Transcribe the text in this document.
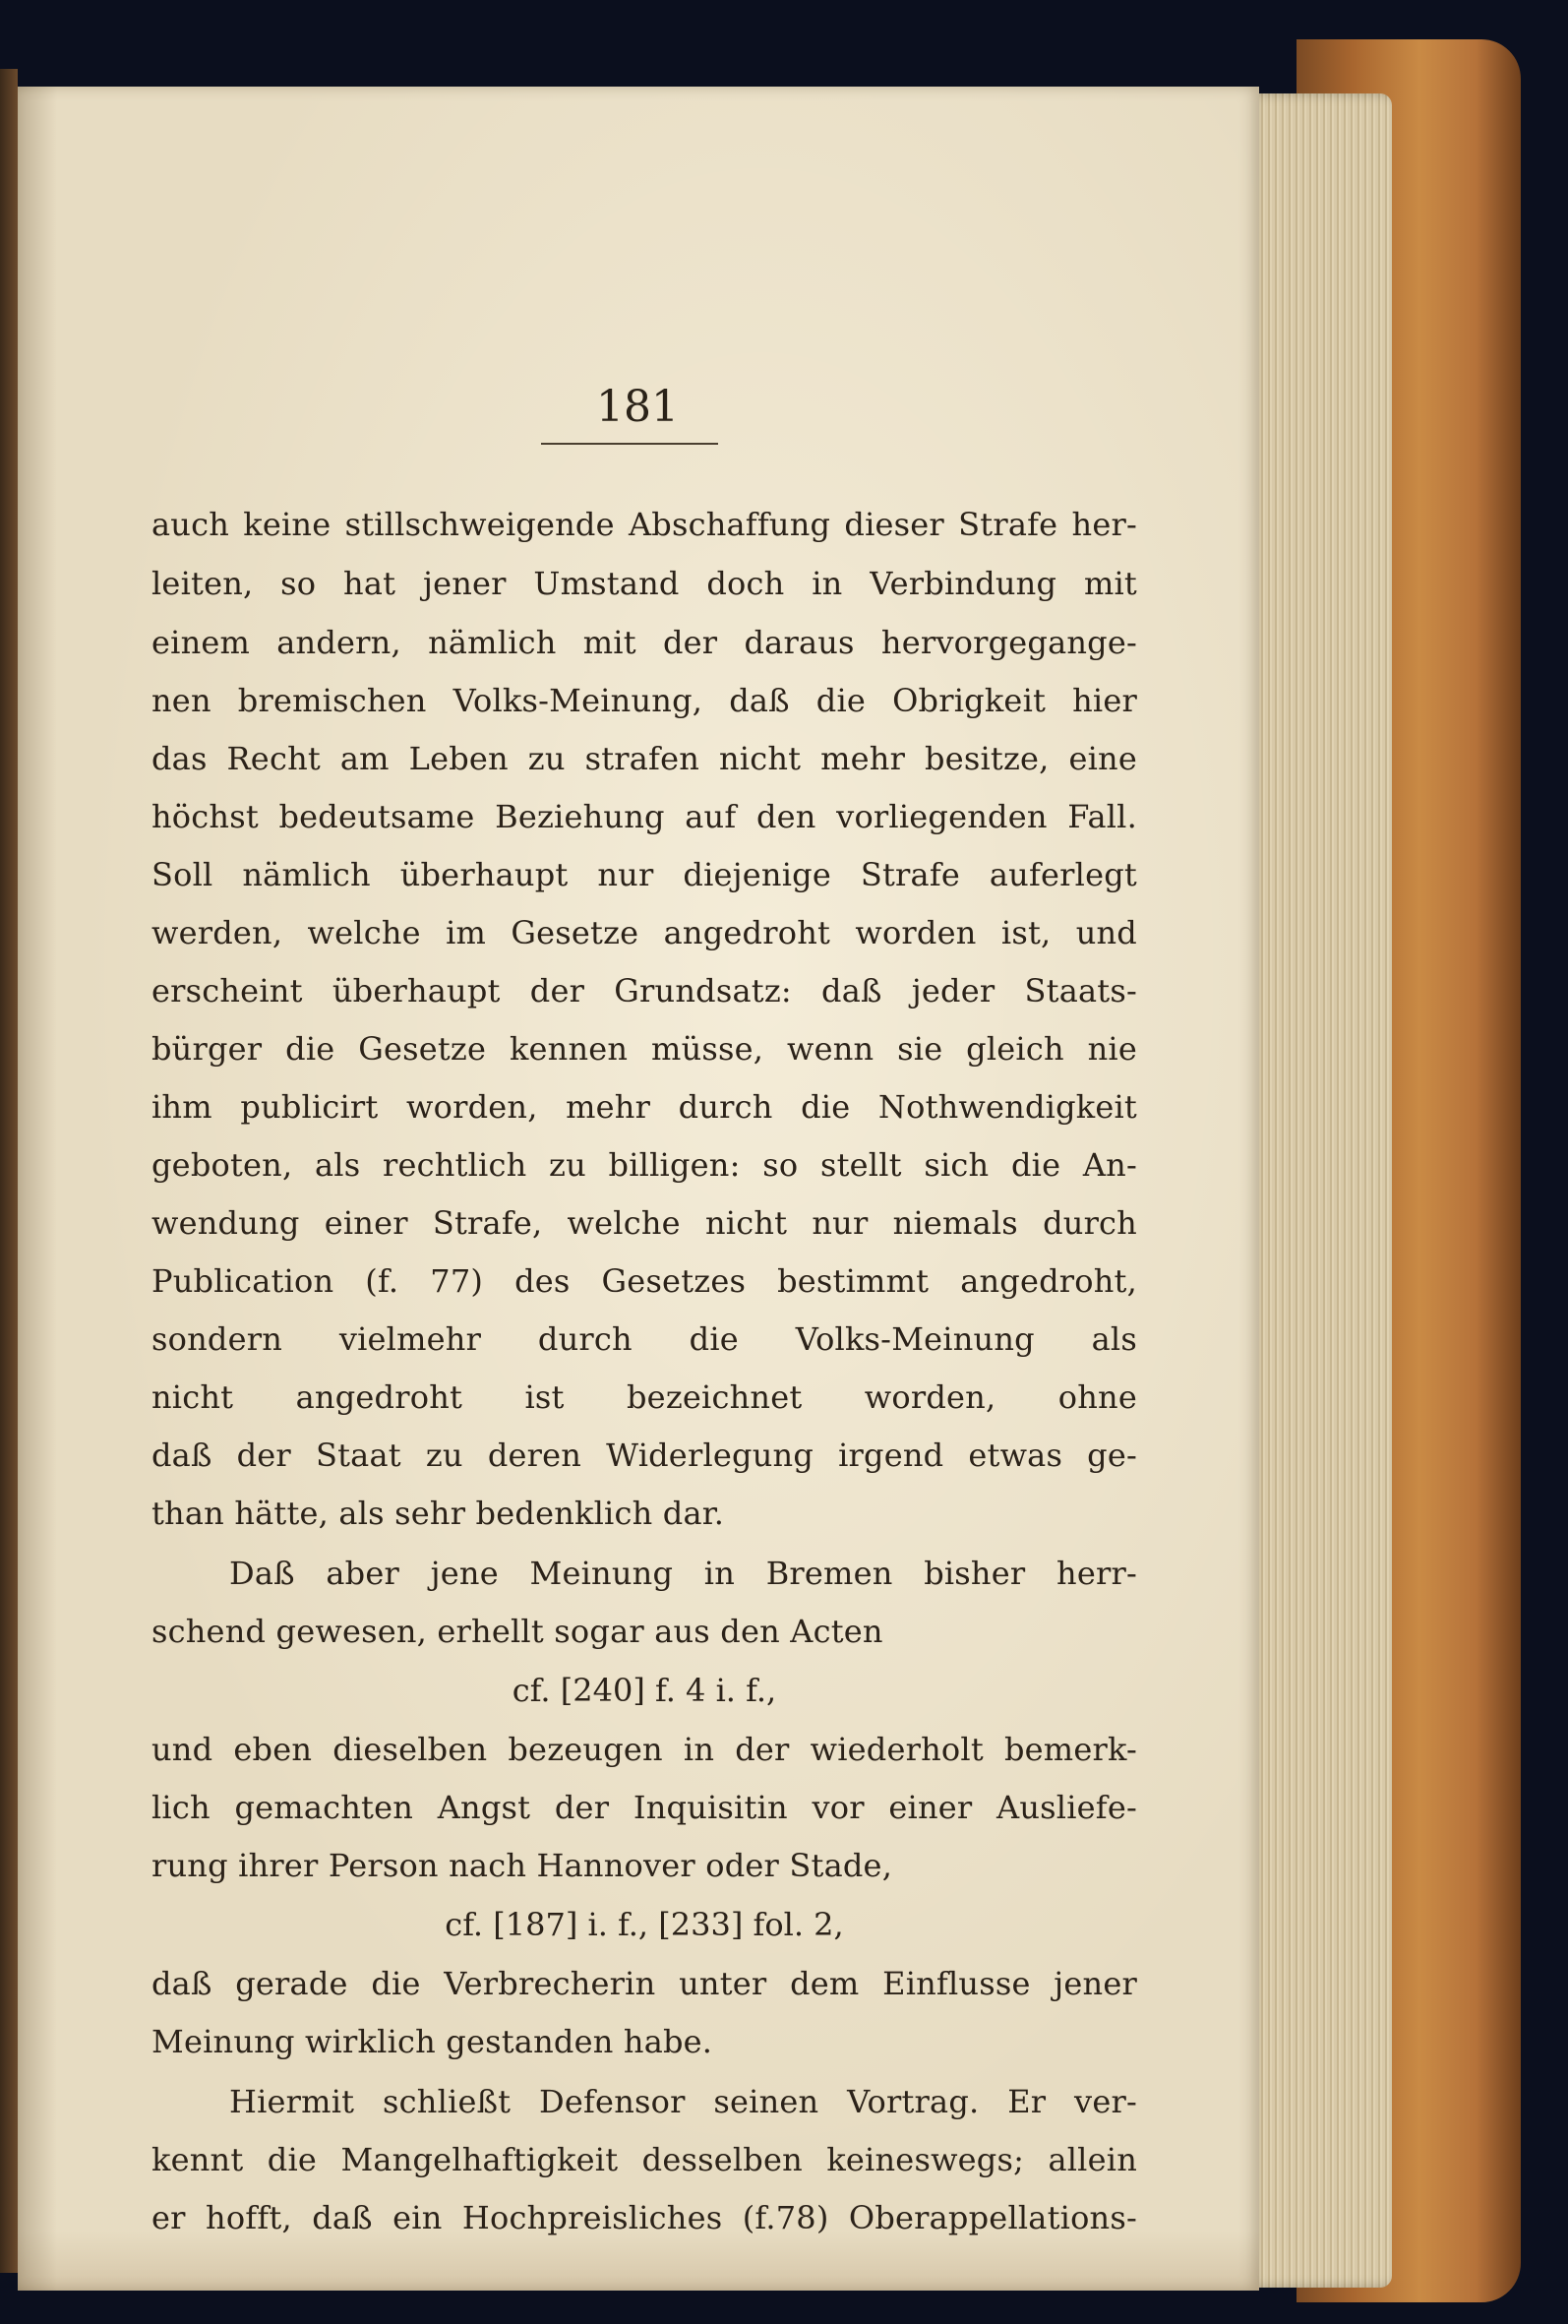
181
auch keine stillschweigende Abschaffung dieser Strafe her-
leiten, so hat jener Umstand doch in Verbindung mit
einem andern, nämlich mit der daraus hervorgegange-
nen bremischen Volks-Meinung, daß die Obrigkeit hier
das Recht am Leben zu strafen nicht mehr besitze, eine
höchst bedeutsame Beziehung auf den vorliegenden Fall.
Soll nämlich überhaupt nur diejenige Strafe auferlegt
werden, welche im Gesetze angedroht worden ist, und
erscheint überhaupt der Grundsatz: daß jeder Staats-
bürger die Gesetze kennen müsse, wenn sie gleich nie
ihm publicirt worden, mehr durch die Nothwendigkeit
geboten, als rechtlich zu billigen: so stellt sich die An-
wendung einer Strafe, welche nicht nur niemals durch
Publication (f. 77) des Gesetzes bestimmt angedroht,
sondern vielmehr durch die Volks-Meinung als
nicht angedroht ist bezeichnet worden, ohne
daß der Staat zu deren Widerlegung irgend etwas ge-
than hätte, als sehr bedenklich dar.
Daß aber jene Meinung in Bremen bisher herr-
schend gewesen, erhellt sogar aus den Acten
cf. [240] f. 4 i. f.,
und eben dieselben bezeugen in der wiederholt bemerk-
lich gemachten Angst der Inquisitin vor einer Ausliefe-
rung ihrer Person nach Hannover oder Stade,
cf. [187] i. f., [233] fol. 2,
daß gerade die Verbrecherin unter dem Einflusse jener
Meinung wirklich gestanden habe.
Hiermit schließt Defensor seinen Vortrag. Er ver-
kennt die Mangelhaftigkeit desselben keineswegs; allein
er hofft, daß ein Hochpreisliches (f.78) Oberappellations-
